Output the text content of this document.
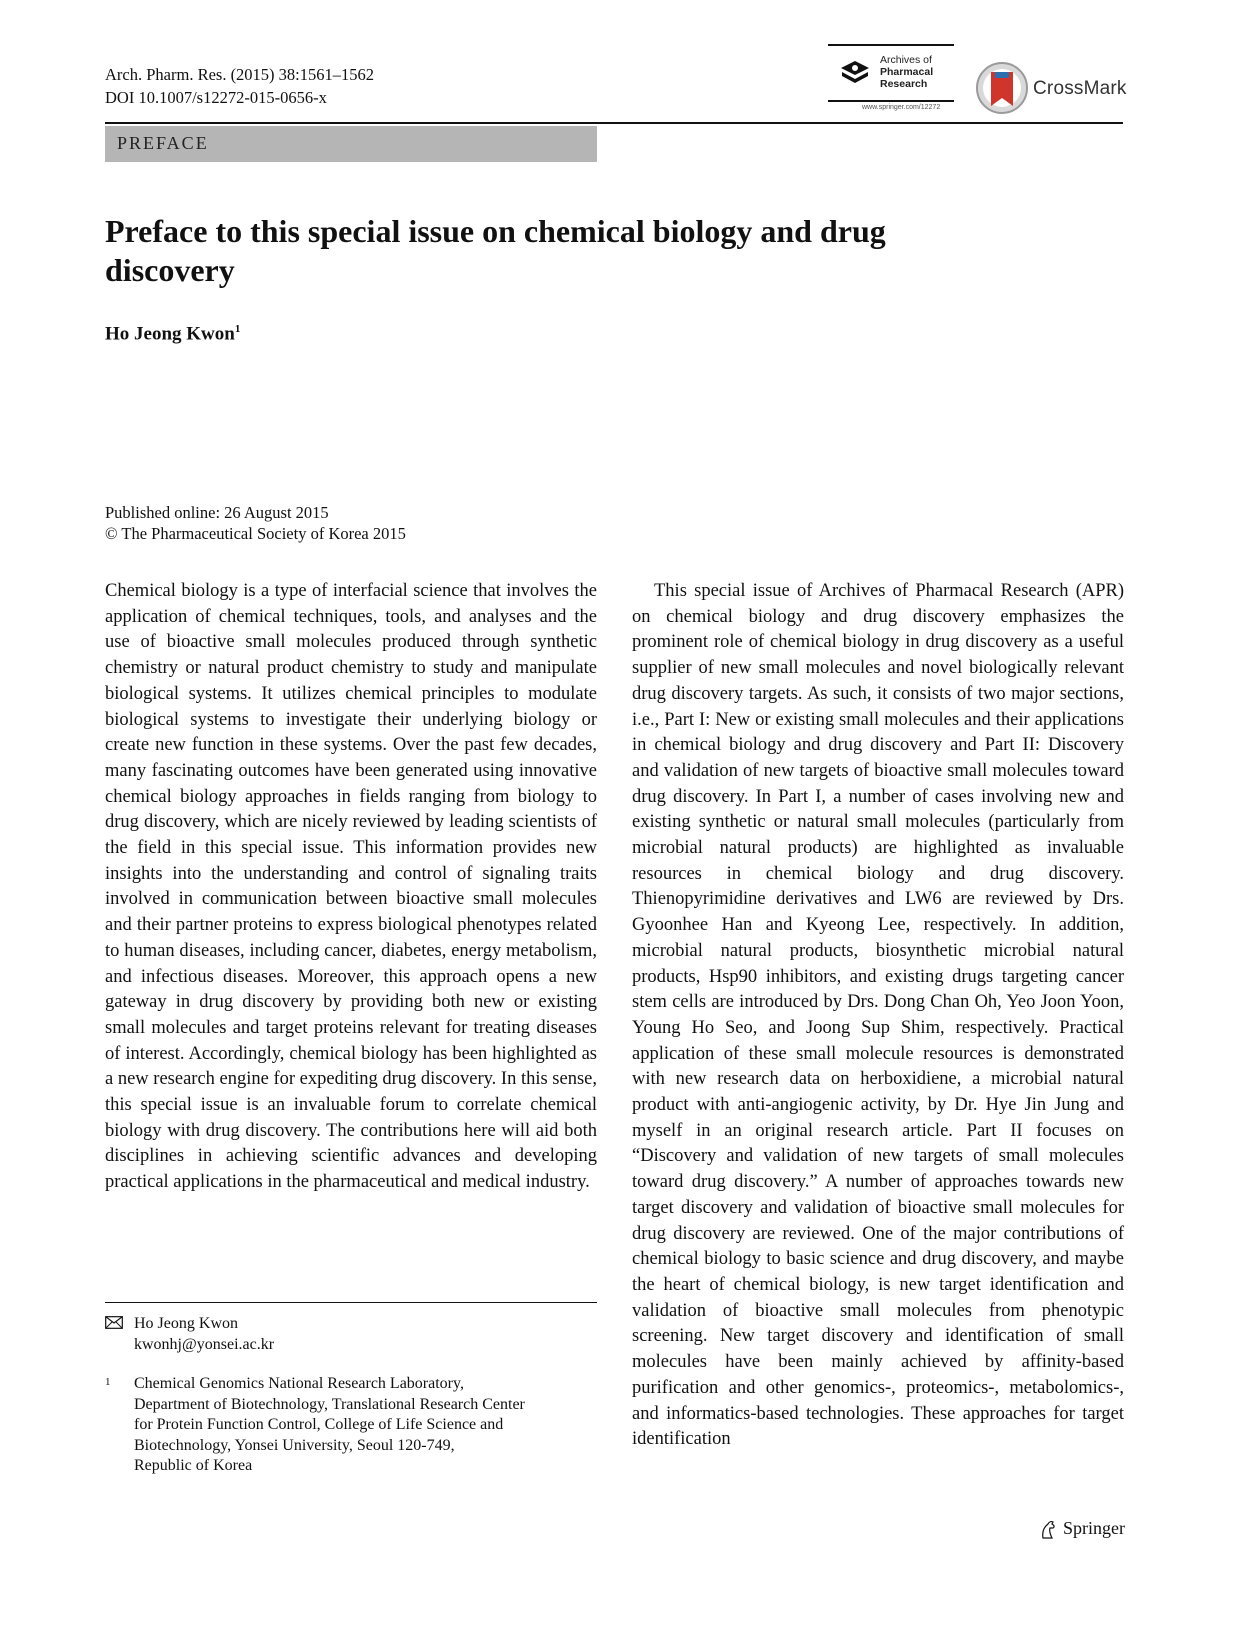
Arch. Pharm. Res. (2015) 38:1561–1562
DOI 10.1007/s12272-015-0656-x
Archives of
Pharmacal
Research
www.springer.com/12272
CrossMark
PREFACE
Preface to this special issue on chemical biology and drug discovery
Ho Jeong Kwon$^1$
Published online: 26 August 2015
© The Pharmaceutical Society of Korea 2015
Chemical biology is a type of interfacial science that involves the application of chemical techniques, tools, and analyses and the use of bioactive small molecules produced through synthetic chemistry or natural product chemistry to study and manipulate biological systems. It utilizes chemical principles to modulate biological systems to investigate their underlying biology or create new function in these systems. Over the past few decades, many fascinating outcomes have been generated using innovative chemical biology approaches in fields ranging from biology to drug discovery, which are nicely reviewed by leading scientists of the field in this special issue. This information provides new insights into the understanding and control of signaling traits involved in communication between bioactive small molecules and their partner proteins to express biological phenotypes related to human diseases, including cancer, diabetes, energy metabolism, and infectious diseases. Moreover, this approach opens a new gateway in drug discovery by providing both new or existing small molecules and target proteins relevant for treating diseases of interest. Accordingly, chemical biology has been highlighted as a new research engine for expediting drug discovery. In this sense, this special issue is an invaluable forum to correlate chemical biology with drug discovery. The contributions here will aid both disciplines in achieving scientific advances and developing practical applications in the pharmaceutical and medical industry.
This special issue of Archives of Pharmacal Research (APR) on chemical biology and drug discovery emphasizes the prominent role of chemical biology in drug discovery as a useful supplier of new small molecules and novel biologically relevant drug discovery targets. As such, it consists of two major sections, i.e., Part I: New or existing small molecules and their applications in chemical biology and drug discovery and Part II: Discovery and validation of new targets of bioactive small molecules toward drug discovery. In Part I, a number of cases involving new and existing synthetic or natural small molecules (particularly from microbial natural products) are highlighted as invaluable resources in chemical biology and drug discovery. Thienopyrimidine derivatives and LW6 are reviewed by Drs. Gyoonhee Han and Kyeong Lee, respectively. In addition, microbial natural products, biosynthetic microbial natural products, Hsp90 inhibitors, and existing drugs targeting cancer stem cells are introduced by Drs. Dong Chan Oh, Yeo Joon Yoon, Young Ho Seo, and Joong Sup Shim, respectively. Practical application of these small molecule resources is demonstrated with new research data on herboxidiene, a microbial natural product with anti-angiogenic activity, by Dr. Hye Jin Jung and myself in an original research article. Part II focuses on “Discovery and validation of new targets of small molecules toward drug discovery.” A number of approaches towards new target discovery and validation of bioactive small molecules for drug discovery are reviewed. One of the major contributions of chemical biology to basic science and drug discovery, and maybe the heart of chemical biology, is new target identification and validation of bioactive small molecules from phenotypic screening. New target discovery and identification of small molecules have been mainly achieved by affinity-based purification and other genomics-, proteomics-, metabolomics-, and informatics-based technologies. These approaches for target identification
Ho Jeong Kwon
kwonhj@yonsei.ac.kr
1 Chemical Genomics National Research Laboratory,
Department of Biotechnology, Translational Research Center
for Protein Function Control, College of Life Science and
Biotechnology, Yonsei University, Seoul 120-749,
Republic of Korea
Springer
